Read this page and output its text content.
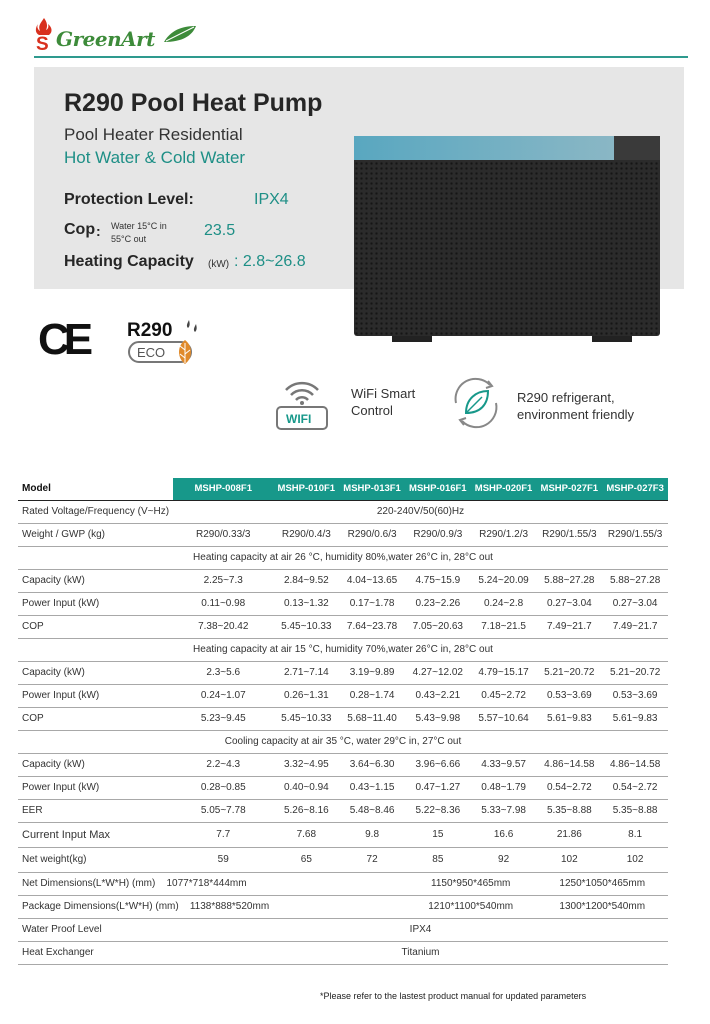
S GreenArt
R290 Pool Heat Pump
Pool Heater Residential
Hot Water & Cold Water
Protection Level:	IPX4
Cop : Water 15°C in
55°C out	23.5
Heating Capacity (kW) : 2.8~26.8
CE R290
ECO
WIFI
WiFi Smart
Control
R290 refrigerant,
environment friendly
Model	MSHP-008F1	MSHP-010F1	MSHP-013F1	MSHP-016F1	MSHP-020F1	MSHP-027F1	MSHP-027F3
Rated Voltage/Frequency (V~Hz)	220-240V/50(60)Hz						
Weight / GWP (kg)	R290/0.33/3	R290/0.4/3	R290/0.6/3	R290/0.9/3	R290/1.2/3	R290/1.55/3	R290/1.55/3
Heating capacity at air 26 °C, humidity 80%,water 26°C in, 28°C out							
Capacity (kW)	2.25~7.3	2.84~9.52	4.04~13.65	4.75~15.9	5.24~20.09	5.88~27.28	5.88~27.28
Power Input (kW)	0.11~0.98	0.13~1.32	0.17~1.78	0.23~2.26	0.24~2.8	0.27~3.04	0.27~3.04
COP	7.38~20.42	5.45~10.33	7.64~23.78	7.05~20.63	7.18~21.5	7.49~21.7	7.49~21.7
Heating capacity at air 15 °C, humidity 70%,water 26°C in, 28°C out							
Capacity (kW)	2.3~5.6	2.71~7.14	3.19~9.89	4.27~12.02	4.79~15.17	5.21~20.72	5.21~20.72
Power Input (kW)	0.24~1.07	0.26~1.31	0.28~1.74	0.43~2.21	0.45~2.72	0.53~3.69	0.53~3.69
COP	5.23~9.45	5.45~10.33	5.68~11.40	5.43~9.98	5.57~10.64	5.61~9.83	5.61~9.83
Cooling capacity at air 35 °C, water 29°C in, 27°C out							
Capacity (kW)	2.2~4.3	3.32~4.95	3.64~6.30	3.96~6.66	4.33~9.57	4.86~14.58	4.86~14.58
Power Input (kW)	0.28~0.85	0.40~0.94	0.43~1.15	0.47~1.27	0.48~1.79	0.54~2.72	0.54~2.72
EER	5.05~7.78	5.26~8.16	5.48~8.46	5.22~8.36	5.33~7.98	5.35~8.88	5.35~8.88
Current Input Max	7.7	7.68	9.8	15	16.6	21.86	8.1
Net weight(kg)	59	65	72	85	92	102	102
Net Dimensions(L*W*H) (mm) 1077*718*444mm				1150*950*465mm		1250*1050*465mm	
Package Dimensions(L*W*H) (mm) 1138*888*520mm				1210*1100*540mm		1300*1200*540mm	
Water Proof Level	IPX4						
Heat Exchanger	Titanium						
*Please refer to the lastest product manual for updated parameters
